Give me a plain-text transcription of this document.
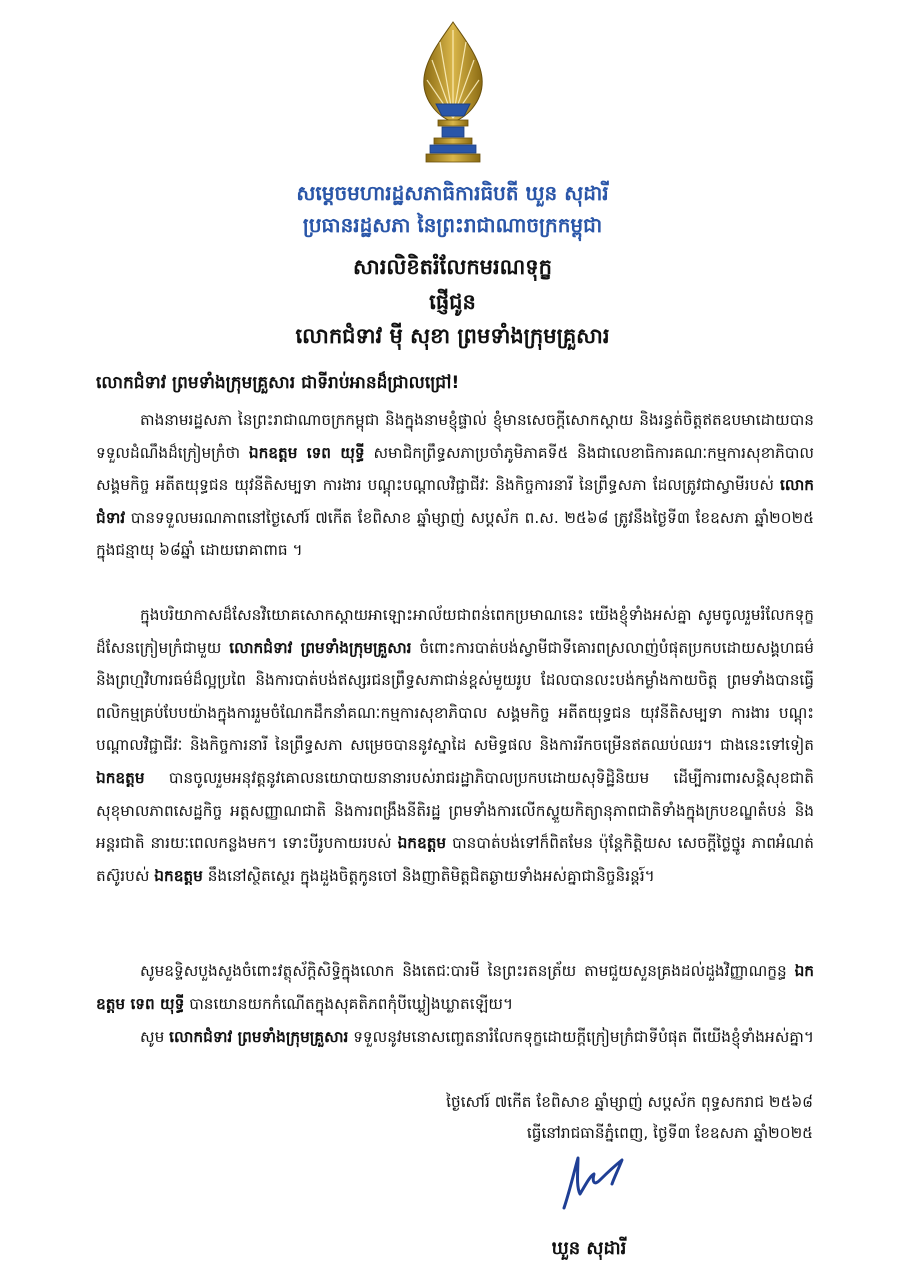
សម្តេចមហារដ្ឋសភាធិការធិបតី ឃួន សុដារី
ប្រធានរដ្ឋសភា នៃព្រះរាជាណាចក្រកម្ពុជា
សារលិខិតរំលែកមរណទុក្ខ
ផ្ញើជូន
លោកជំទាវ មុី សុខា ព្រមទាំងក្រុមគ្រួសារ
លោកជំទាវ ព្រមទាំងក្រុមគ្រួសារ ជាទីរាប់អានដ៏ជ្រាលជ្រៅ!
តាងនាមរដ្ឋសភា នៃព្រះរាជាណាចក្រកម្ពុជា និងក្នុងនាមខ្ញុំផ្ទាល់ ខ្ញុំមានសេចក្តីសោកស្តាយ និងរន្ធត់ចិត្តឥតឧបមាដោយបានទទួលដំណឹងដ៏ក្រៀមក្រំថា ឯកឧត្តម ទេព យុទ្ធី សមាជិកព្រឹទ្ធសភាប្រចាំភូមិភាគទី៥ និងជាលេខាធិការគណៈកម្មការសុខាភិបាល សង្គមកិច្ច អតីតយុទ្ធជន យុវនីតិសម្បទា ការងារ បណ្តុះបណ្តាលវិជ្ជាជីវៈ និងកិច្ចការនារី នៃព្រឹទ្ធសភា ដែលត្រូវជាស្វាមីរបស់ លោកជំទាវ បានទទួលមរណភាពនៅថ្ងៃសៅរ៍ ៧កើត ខែពិសាខ ឆ្នាំម្សាញ់ សប្តស័ក ព.ស. ២៥៦៨ ត្រូវនឹងថ្ងៃទី៣ ខែឧសភា ឆ្នាំ២០២៥ ក្នុងជន្មាយុ ៦៨ឆ្នាំ ដោយរោគាពាធ ។
ក្នុងបរិយាកាសដ៏សែនវិយោគសោកស្តាយអាឡោះអាល័យជាពន់ពេកប្រមាណនេះ យើងខ្ញុំទាំងអស់គ្នា សូមចូលរួមរំលែកទុក្ខដ៏សែនក្រៀមក្រំជាមួយ លោកជំទាវ ព្រមទាំងក្រុមគ្រួសារ ចំពោះការបាត់បង់ស្វាមីជាទីគោរពស្រលាញ់បំផុតប្រកបដោយសង្គហធម៌ និងព្រហ្មវិហារធម៌ដ៏ល្អប្រពៃ និងការបាត់បង់ឥស្សរជនព្រឹទ្ធសភាជាន់ខ្ពស់មួយរូប ដែលបានលះបង់កម្លាំងកាយចិត្ត ព្រមទាំងបានធ្វើពលិកម្មគ្រប់បែបយ៉ាងក្នុងការរួមចំណែកដឹកនាំគណៈកម្មការសុខាភិបាល សង្គមកិច្ច អតីតយុទ្ធជន យុវនីតិសម្បទា ការងារ បណ្តុះបណ្តាលវិជ្ជាជីវៈ និងកិច្ចការនារី នៃព្រឹទ្ធសភា សម្រេចបាននូវស្នាដៃ សមិទ្ធផល និងការរីកចម្រើនឥតឈប់ឈរ។ ជាងនេះទៅទៀត ឯកឧត្តម បានចូលរួមអនុវត្តនូវគោលនយោបាយនានារបស់រាជរដ្ឋាភិបាលប្រកបដោយសុទិដ្ឋិនិយម ដើម្បីការពារសន្តិសុខជាតិ សុខុមាលភាពសេដ្ឋកិច្ច អត្តសញ្ញាណជាតិ និងការពង្រឹងនីតិរដ្ឋ ព្រមទាំងការលើកស្ទួយកិត្យានុភាពជាតិទាំងក្នុងក្របខណ្ឌតំបន់ និងអន្តរជាតិ នារយៈពេលកន្លងមក។ ទោះបីរូបកាយរបស់ ឯកឧត្តម បានបាត់បង់ទៅក៏ពិតមែន ប៉ុន្តែកិត្តិយស សេចក្តីថ្លៃថ្នូរ ភាពអំណត់តស៊ូរបស់ ឯកឧត្តម នឹងនៅស្ថិតស្ថេរ ក្នុងដួងចិត្តកូនចៅ និងញាតិមិត្តជិតឆ្ងាយទាំងអស់គ្នាជានិច្ចនិរន្តរ៍។
សូមឧទ្ទិសបួងសួងចំពោះវត្ថុស័ក្តិសិទ្ធិក្នុងលោក និងតេជៈបារមី នៃព្រះរតនត្រ័យ តាមជួយសួនគ្រងដល់ដួងវិញ្ញាណក្ខន្ធ ឯកឧត្តម ទេព យុទ្ធី បានយោនយកកំណើតក្នុងសុគតិភពកុំបីឃ្លៀងឃ្លាតឡើយ។
សូម លោកជំទាវ ព្រមទាំងក្រុមគ្រួសារ ទទួលនូវមនោសញ្ចេតនារំលែកទុក្ខដោយក្តីក្រៀមក្រំជាទីបំផុត ពីយើងខ្ញុំទាំងអស់គ្នា។
ថ្ងៃសៅរ៍ ៧កើត ខែពិសាខ ឆ្នាំម្សាញ់ សប្តស័ក ពុទ្ធសករាជ ២៥៦៨
ធ្វើនៅរាជធានីភ្នំពេញ, ថ្ងៃទី៣ ខែឧសភា ឆ្នាំ២០២៥
ឃួន សុដារី
